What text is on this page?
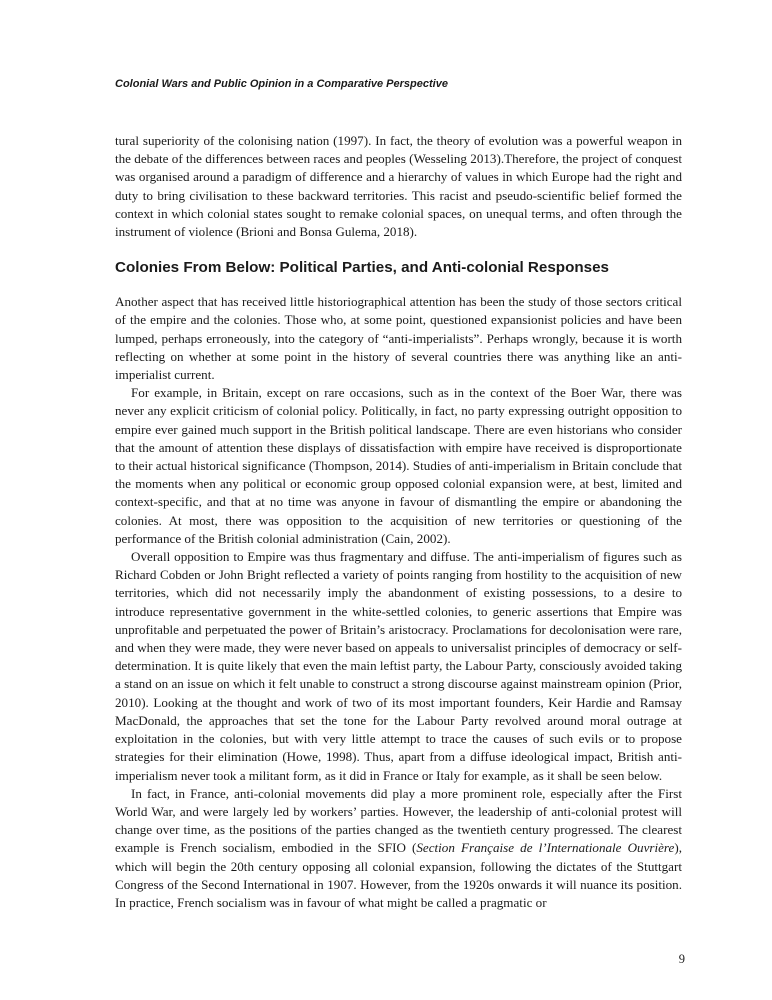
Colonial Wars and Public Opinion in a Comparative Perspective

tural superiority of the colonising nation (1997). In fact, the theory of evolution was a powerful weapon in the debate of the differences between races and peoples (Wesseling 2013).Therefore, the project of conquest was organised around a paradigm of difference and a hierarchy of values in which Europe had the right and duty to bring civilisation to these backward territories. This racist and pseudo-scientific belief formed the context in which colonial states sought to remake colonial spaces, on unequal terms, and often through the instrument of violence (Brioni and Bonsa Gulema, 2018).

Colonies From Below: Political Parties, and Anti-colonial Responses

Another aspect that has received little historiographical attention has been the study of those sectors critical of the empire and the colonies. Those who, at some point, questioned expansionist policies and have been lumped, perhaps erroneously, into the category of “anti-imperialists”. Perhaps wrongly, because it is worth reflecting on whether at some point in the history of several countries there was anything like an anti-imperialist current.

For example, in Britain, except on rare occasions, such as in the context of the Boer War, there was never any explicit criticism of colonial policy. Politically, in fact, no party expressing outright opposition to empire ever gained much support in the British political landscape. There are even historians who consider that the amount of attention these displays of dissatisfaction with empire have received is disproportionate to their actual historical significance (Thompson, 2014). Studies of anti-imperialism in Britain conclude that the moments when any political or economic group opposed colonial expansion were, at best, limited and context-specific, and that at no time was anyone in favour of dismantling the empire or abandoning the colonies. At most, there was opposition to the acquisition of new territories or questioning of the performance of the British colonial administration (Cain, 2002).

Overall opposition to Empire was thus fragmentary and diffuse. The anti-imperialism of figures such as Richard Cobden or John Bright reflected a variety of points ranging from hostility to the acquisition of new territories, which did not necessarily imply the abandonment of existing possessions, to a desire to introduce representative government in the white-settled colonies, to generic assertions that Empire was unprofitable and perpetuated the power of Britain’s aristocracy. Proclamations for decolonisation were rare, and when they were made, they were never based on appeals to universalist principles of democracy or self-determination. It is quite likely that even the main leftist party, the Labour Party, consciously avoided taking a stand on an issue on which it felt unable to construct a strong discourse against mainstream opinion (Prior, 2010). Looking at the thought and work of two of its most important founders, Keir Hardie and Ramsay MacDonald, the approaches that set the tone for the Labour Party revolved around moral outrage at exploitation in the colonies, but with very little attempt to trace the causes of such evils or to propose strategies for their elimination (Howe, 1998). Thus, apart from a diffuse ideological impact, British anti-imperialism never took a militant form, as it did in France or Italy for example, as it shall be seen below.

In fact, in France, anti-colonial movements did play a more prominent role, especially after the First World War, and were largely led by workers’ parties. However, the leadership of anti-colonial protest will change over time, as the positions of the parties changed as the twentieth century progressed. The clearest example is French socialism, embodied in the SFIO (Section Française de l’Internationale Ouvrière), which will begin the 20th century opposing all colonial expansion, following the dictates of the Stuttgart Congress of the Second International in 1907. However, from the 1920s onwards it will nuance its position. In practice, French socialism was in favour of what might be called a pragmatic or

9
